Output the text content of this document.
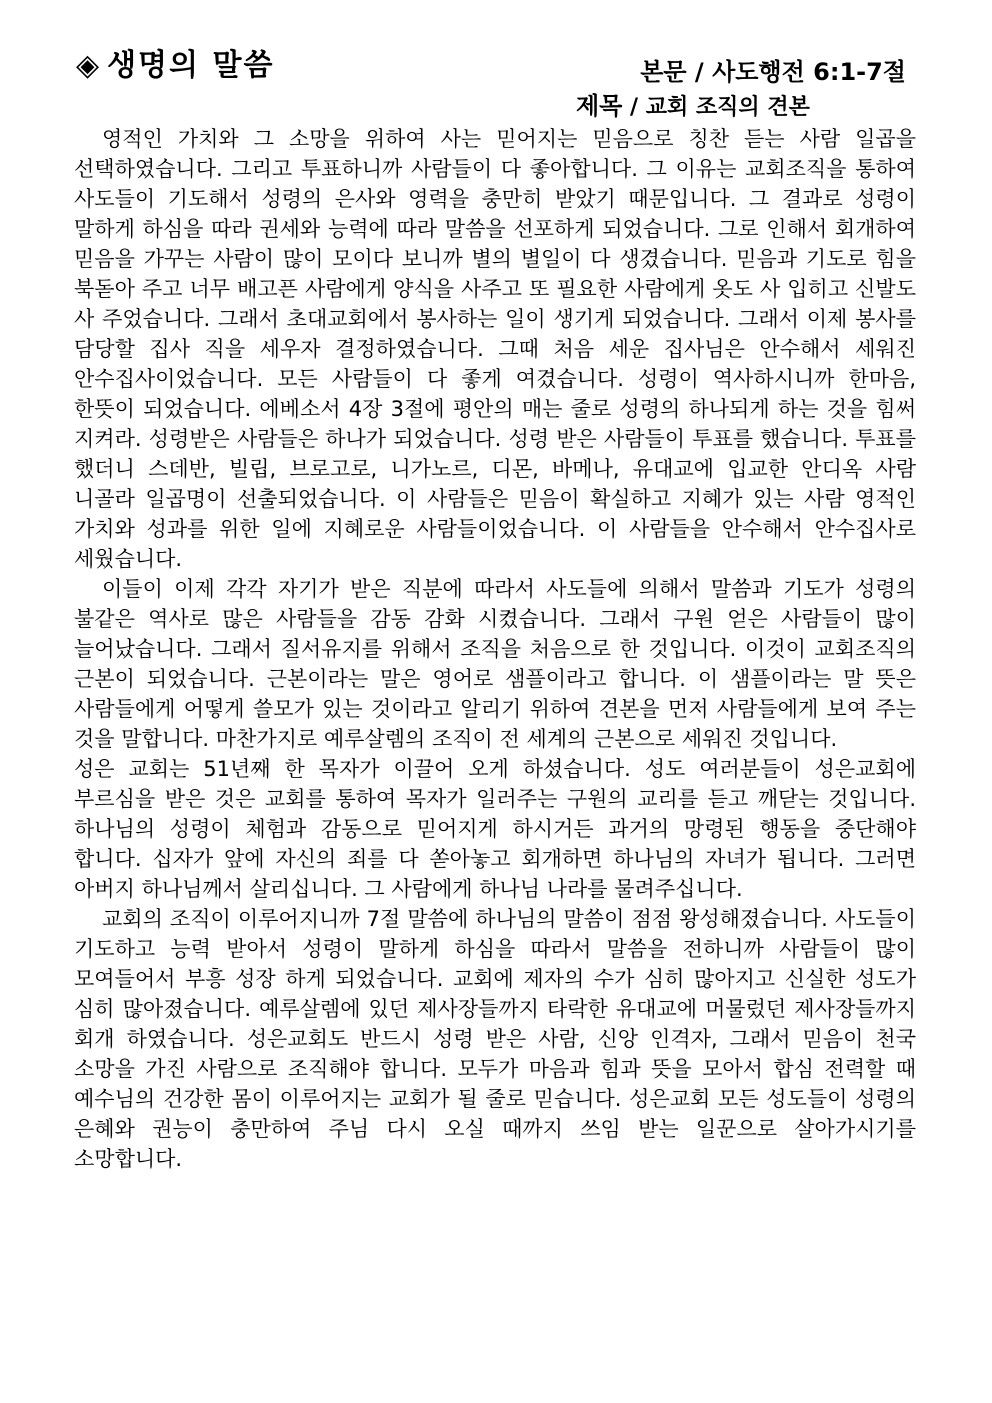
◈ 생명의 말씀	본문 / 사도행전 6:1-7절
제목 / 교회 조직의 견본

영적인 가치와 그 소망을 위하여 사는 믿어지는 믿음으로 칭찬 듣는 사람 일곱을 선택하였습니다. 그리고 투표하니까 사람들이 다 좋아합니다. 그 이유는 교회조직을 통하여 사도들이 기도해서 성령의 은사와 영력을 충만히 받았기 때문입니다. 그 결과로 성령이 말하게 하심을 따라 권세와 능력에 따라 말씀을 선포하게 되었습니다. 그로 인해서 회개하여 믿음을 가꾸는 사람이 많이 모이다 보니까 별의 별일이 다 생겼습니다. 믿음과 기도로 힘을 북돋아 주고 너무 배고픈 사람에게 양식을 사주고 또 필요한 사람에게 옷도 사 입히고 신발도 사 주었습니다. 그래서 초대교회에서 봉사하는 일이 생기게 되었습니다. 그래서 이제 봉사를 담당할 집사 직을 세우자 결정하였습니다. 그때 처음 세운 집사님은 안수해서 세워진 안수집사이었습니다. 모든 사람들이 다 좋게 여겼습니다. 성령이 역사하시니까 한마음, 한뜻이 되었습니다. 에베소서 4장 3절에 평안의 매는 줄로 성령의 하나되게 하는 것을 힘써 지켜라. 성령받은 사람들은 하나가 되었습니다. 성령 받은 사람들이 투표를 했습니다. 투표를 했더니 스데반, 빌립, 브로고로, 니가노르, 디몬, 바메나, 유대교에 입교한 안디옥 사람 니골라 일곱명이 선출되었습니다. 이 사람들은 믿음이 확실하고 지혜가 있는 사람 영적인 가치와 성과를 위한 일에 지혜로운 사람들이었습니다. 이 사람들을 안수해서 안수집사로 세웠습니다.

이들이 이제 각각 자기가 받은 직분에 따라서 사도들에 의해서 말씀과 기도가 성령의 불같은 역사로 많은 사람들을 감동 감화 시켰습니다. 그래서 구원 얻은 사람들이 많이 늘어났습니다. 그래서 질서유지를 위해서 조직을 처음으로 한 것입니다. 이것이 교회조직의 근본이 되었습니다. 근본이라는 말은 영어로 샘플이라고 합니다. 이 샘플이라는 말 뜻은 사람들에게 어떻게 쓸모가 있는 것이라고 알리기 위하여 견본을 먼저 사람들에게 보여 주는 것을 말합니다. 마찬가지로 예루살렘의 조직이 전 세계의 근본으로 세워진 것입니다.

성은 교회는 51년째 한 목자가 이끌어 오게 하셨습니다. 성도 여러분들이 성은교회에 부르심을 받은 것은 교회를 통하여 목자가 일러주는 구원의 교리를 듣고 깨닫는 것입니다. 하나님의 성령이 체험과 감동으로 믿어지게 하시거든 과거의 망령된 행동을 중단해야 합니다. 십자가 앞에 자신의 죄를 다 쏟아놓고 회개하면 하나님의 자녀가 됩니다. 그러면 아버지 하나님께서 살리십니다. 그 사람에게 하나님 나라를 물려주십니다.

교회의 조직이 이루어지니까 7절 말씀에 하나님의 말씀이 점점 왕성해졌습니다. 사도들이 기도하고 능력 받아서 성령이 말하게 하심을 따라서 말씀을 전하니까 사람들이 많이 모여들어서 부흥 성장 하게 되었습니다. 교회에 제자의 수가 심히 많아지고 신실한 성도가 심히 많아졌습니다. 예루살렘에 있던 제사장들까지 타락한 유대교에 머물렀던 제사장들까지 회개 하였습니다. 성은교회도 반드시 성령 받은 사람, 신앙 인격자, 그래서 믿음이 천국 소망을 가진 사람으로 조직해야 합니다. 모두가 마음과 힘과 뜻을 모아서 합심 전력할 때 예수님의 건강한 몸이 이루어지는 교회가 될 줄로 믿습니다. 성은교회 모든 성도들이 성령의 은혜와 권능이 충만하여 주님 다시 오실 때까지 쓰임 받는 일꾼으로 살아가시기를 소망합니다.
